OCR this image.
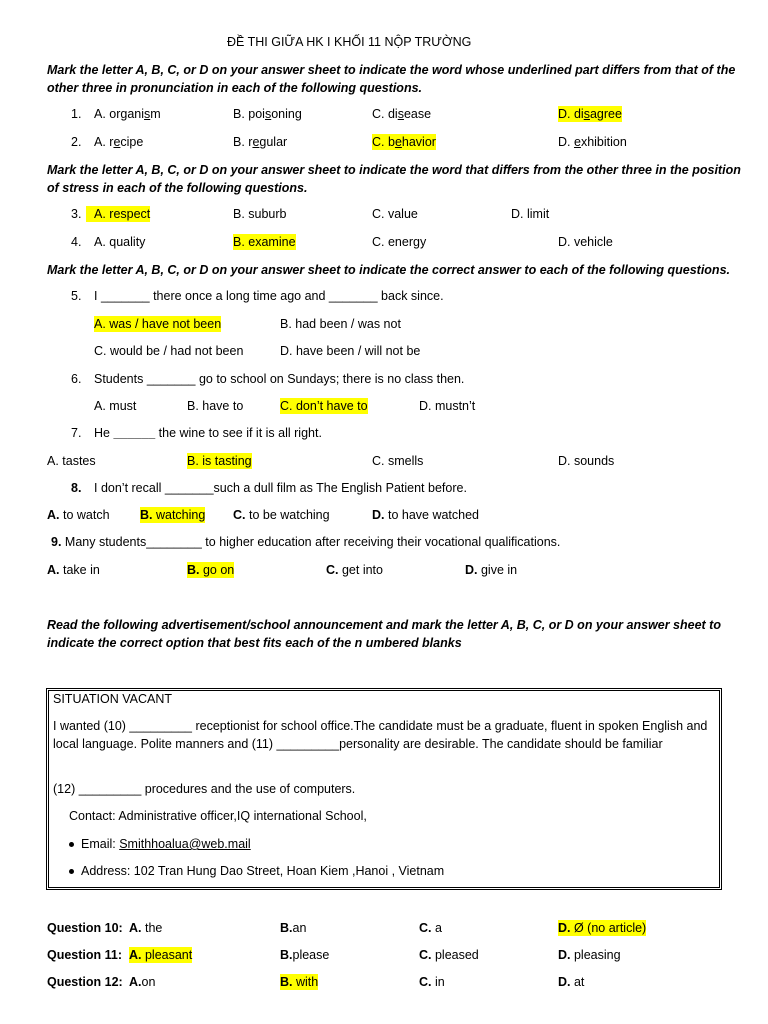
ĐỀ THI GIỮA HK I KHỐI 11 NỘP TRƯỜNG
Mark the letter A, B, C, or D on your answer sheet to indicate the word whose underlined part differs from that of the other three in pronunciation in each of the following questions.
1. A. organism	B. poisoning	C. disease	D. disagree
2. A. recipe	B. regular	C. behavior	D. exhibition
Mark the letter A, B, C, or D on your answer sheet to indicate the word that differs from the other three in the position of stress in each of the following questions.
3.	A. respect	B. suburb	C. value	D. limit
4. A. quality	B. examine	C. energy	D. vehicle
Mark the letter A, B, C, or D on your answer sheet to indicate the correct answer to each of the following questions.
5. I _______ there once a long time ago and _______ back since.
A. was / have not been	B. had been / was not
C. would be / had not been	D. have been / will not be
6. Students _______ go to school on Sundays; there is no class then.
A. must	B. have to	C. don’t have to	D. mustn’t
7. He ______ the wine to see if it is all right.
A. tastes	B. is tasting	C. smells	D. sounds
8. I don’t recall _______such a dull film as The English Patient before.
A. to watch B. watching C. to be watching	D. to have watched
9. Many students________ to higher education after receiving their vocational qualifications.
A. take in	B. go on	C. get into	D. give in
Read the following advertisement/school announcement and mark the letter A, B, C, or D on your answer sheet to indicate the correct option that best fits each of the n umbered blanks
SITUATION VACANT
I wanted (10) _________ receptionist for school office.The candidate must be a graduate, fluent in spoken English and local language. Polite manners and (11) _________personality are desirable. The candidate should be familiar
(12) _________ procedures and the use of computers.
Contact: Administrative officer,IQ international School,
Email: Smithhoalua@web.mail
Address: 102 Tran Hung Dao Street, Hoan Kiem ,Hanoi , Vietnam
Question 10: A. the	B.an	C. a	D. Ø (no article)
Question 11: A. pleasant	B.please	C. pleased	D. pleasing
Question 12: A.on	B. with	C. in	D. at
